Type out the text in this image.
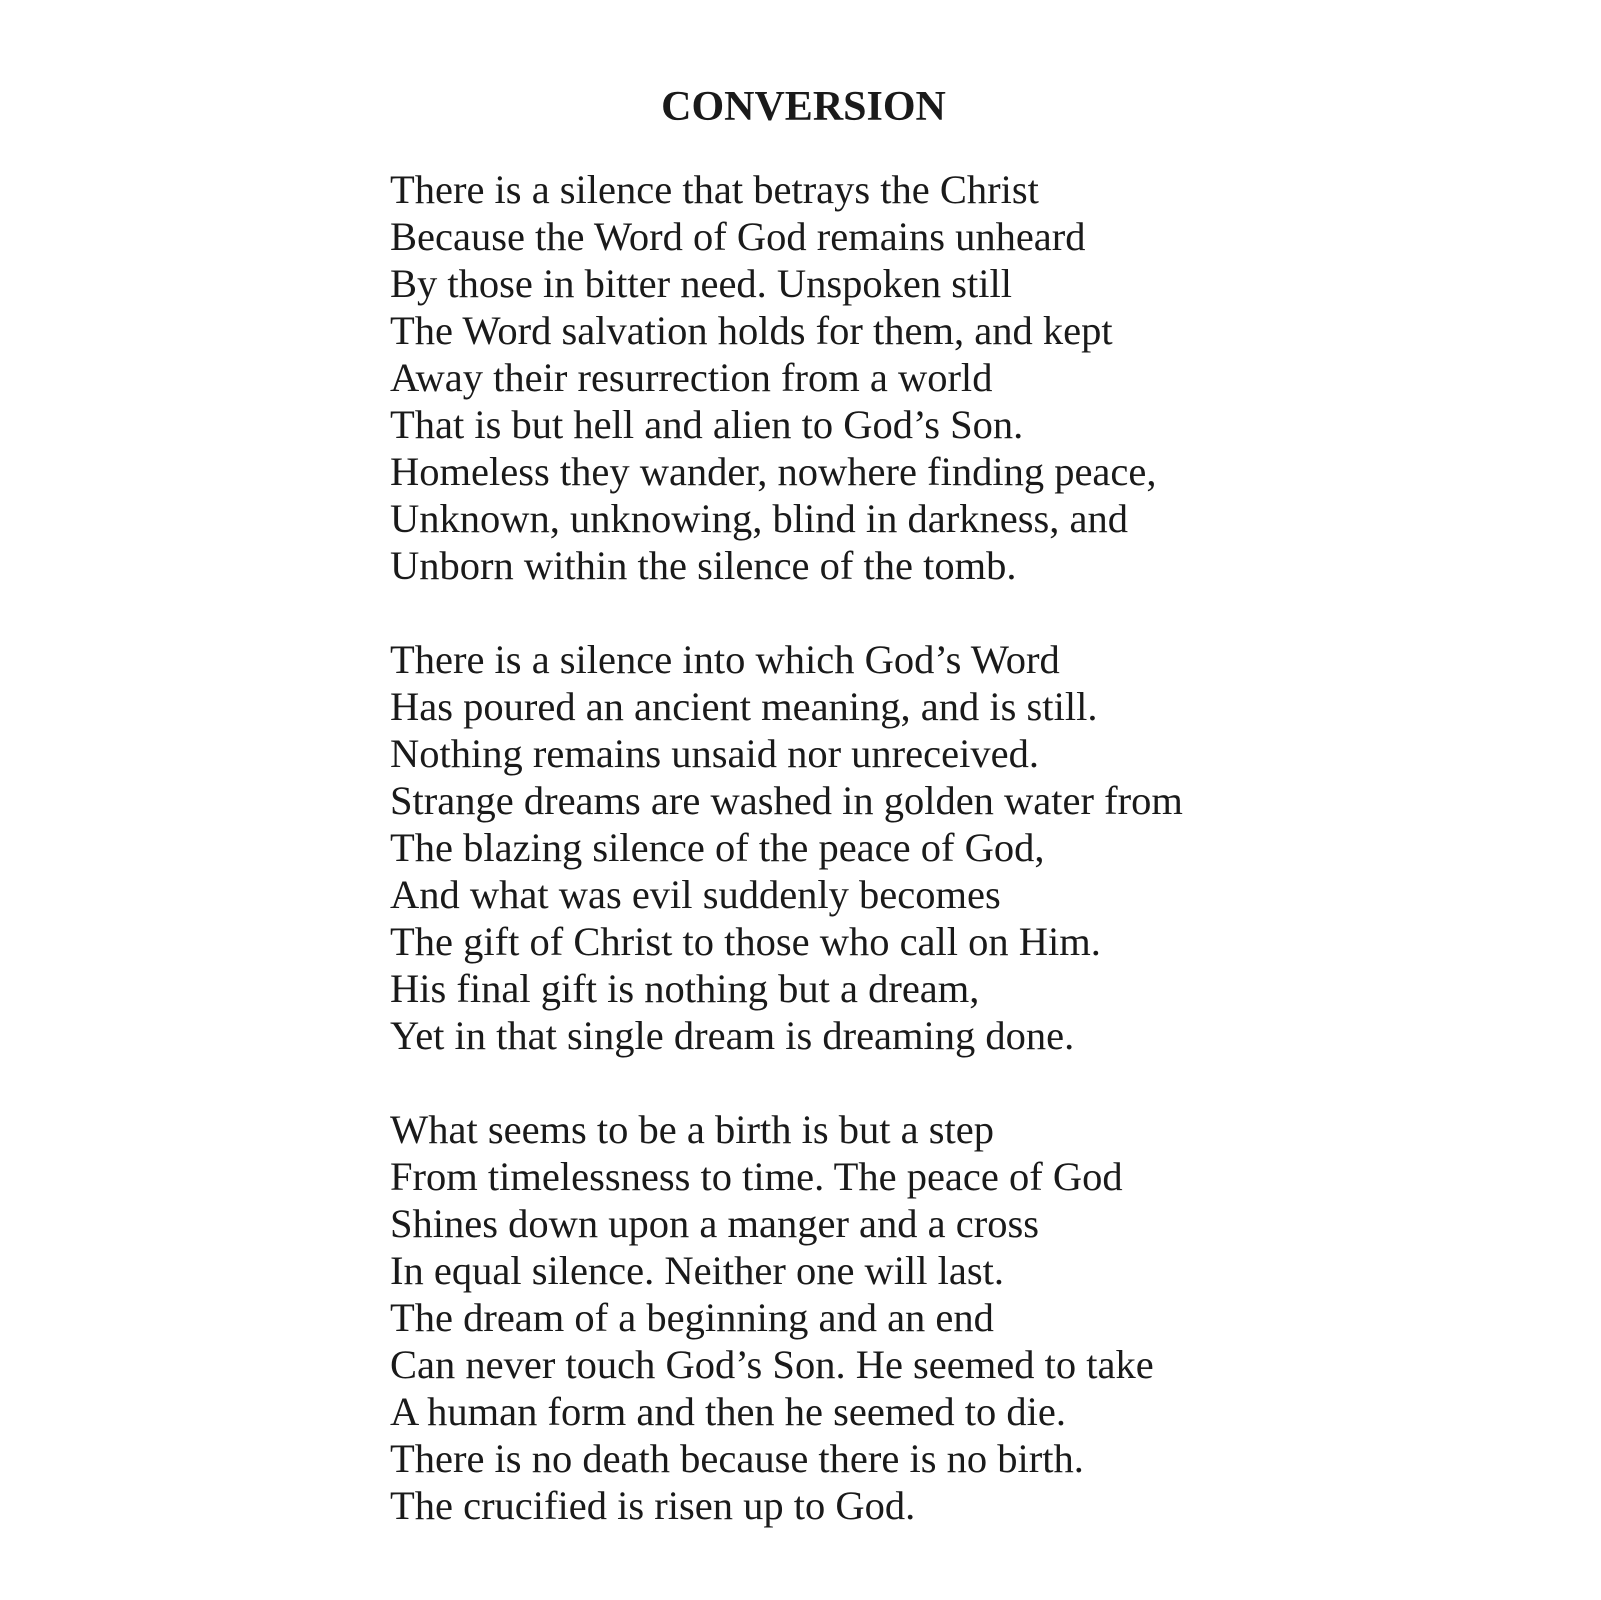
CONVERSION
There is a silence that betrays the Christ
Because the Word of God remains unheard
By those in bitter need. Unspoken still
The Word salvation holds for them, and kept
Away their resurrection from a world
That is but hell and alien to God’s Son.
Homeless they wander, nowhere finding peace,
Unknown, unknowing, blind in darkness, and
Unborn within the silence of the tomb.
There is a silence into which God’s Word
Has poured an ancient meaning, and is still.
Nothing remains unsaid nor unreceived.
Strange dreams are washed in golden water from
The blazing silence of the peace of God,
And what was evil suddenly becomes
The gift of Christ to those who call on Him.
His final gift is nothing but a dream,
Yet in that single dream is dreaming done.
What seems to be a birth is but a step
From timelessness to time. The peace of God
Shines down upon a manger and a cross
In equal silence. Neither one will last.
The dream of a beginning and an end
Can never touch God’s Son. He seemed to take
A human form and then he seemed to die.
There is no death because there is no birth.
The crucified is risen up to God.
